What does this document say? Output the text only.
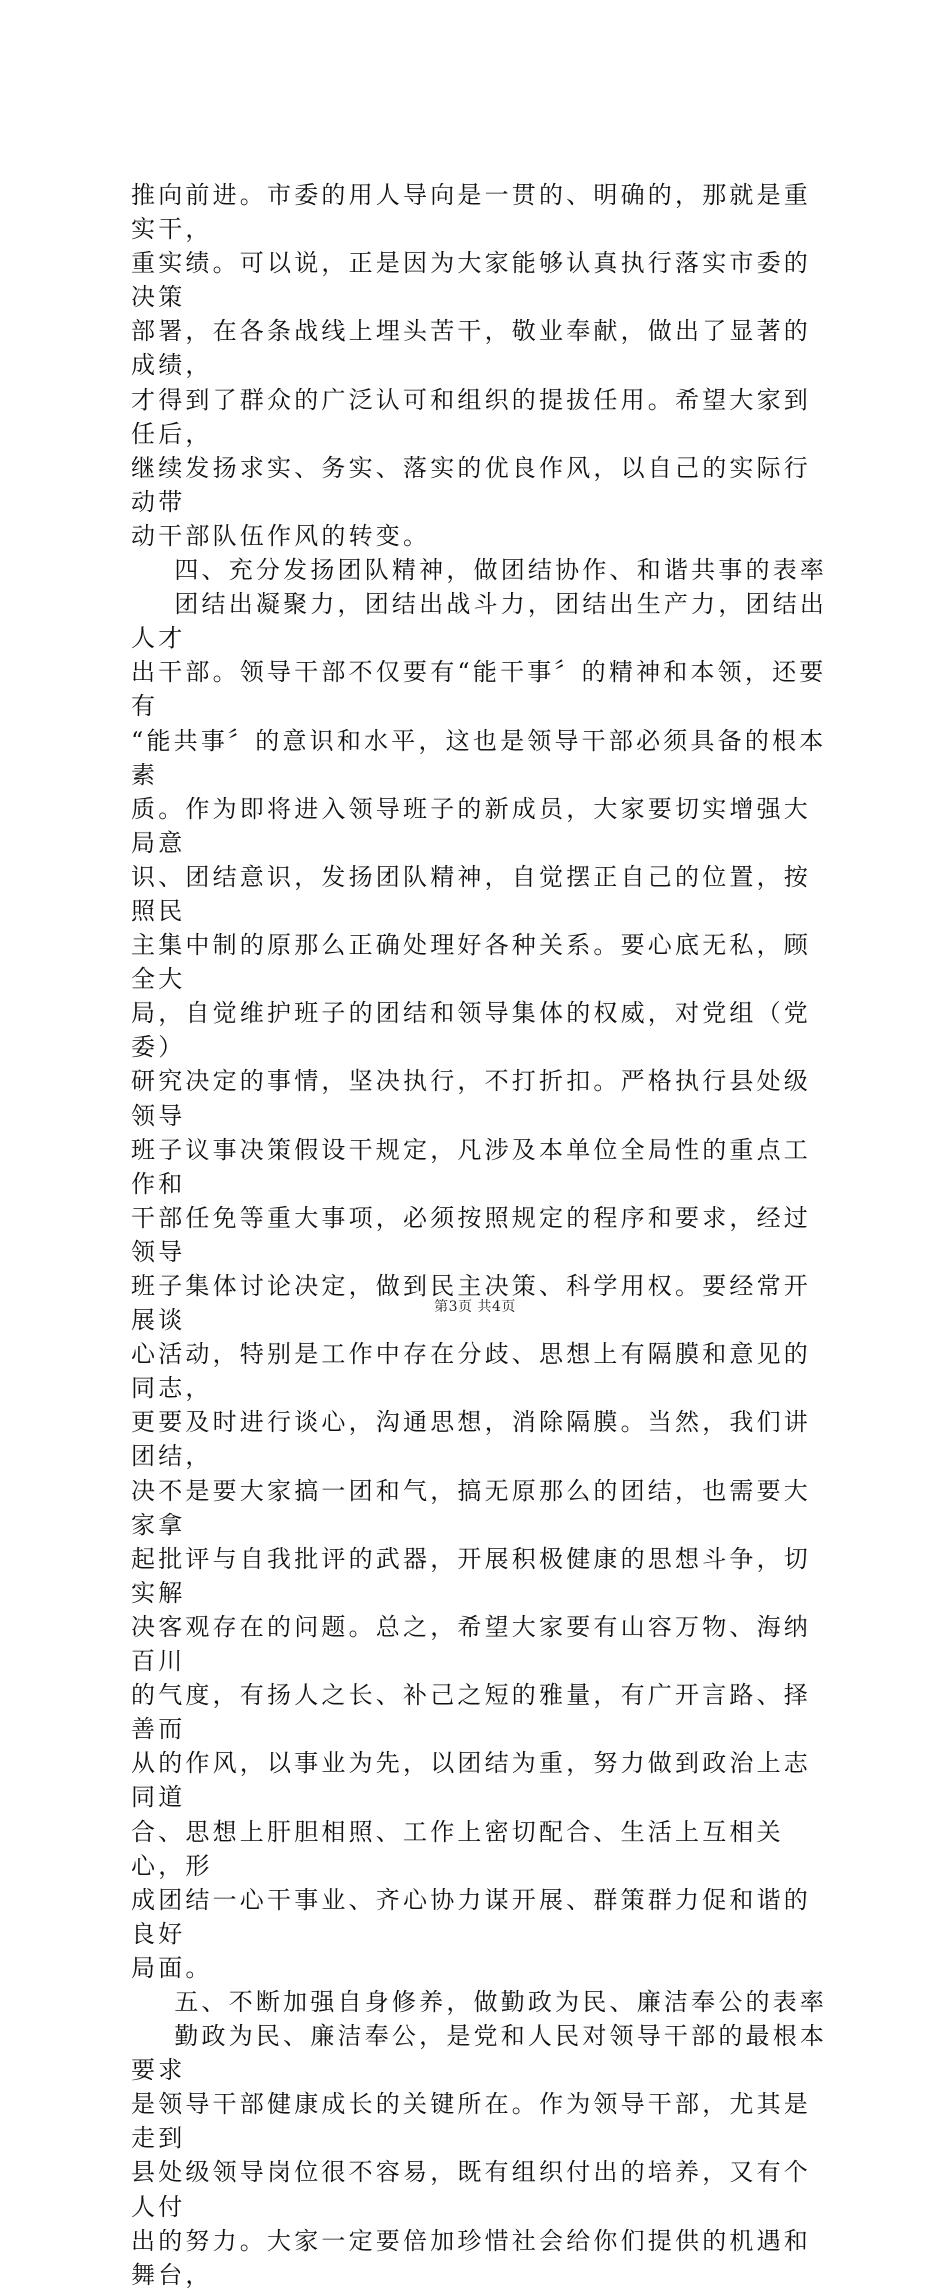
推向前进。市委的用人导向是一贯的、明确的，那就是重实干，

重实绩。可以说，正是因为大家能够认真执行落实市委的决策

部署，在各条战线上埋头苦干，敬业奉献，做出了显著的成绩，

才得到了群众的广泛认可和组织的提拔任用。希望大家到任后，

继续发扬求实、务实、落实的优良作风，以自己的实际行动带

动干部队伍作风的转变。

四、充分发扬团队精神，做团结协作、和谐共事的表率

团结出凝聚力，团结出战斗力，团结出生产力，团结出人才

出干部。领导干部不仅要有“能干事〞的精神和本领，还要有

“能共事〞的意识和水平，这也是领导干部必须具备的根本素

质。作为即将进入领导班子的新成员，大家要切实增强大局意

识、团结意识，发扬团队精神，自觉摆正自己的位置，按照民

主集中制的原那么正确处理好各种关系。要心底无私，顾全大

局，自觉维护班子的团结和领导集体的权威，对党组（党委）

研究决定的事情，坚决执行，不打折扣。严格执行县处级领导

班子议事决策假设干规定，凡涉及本单位全局性的重点工作和

干部任免等重大事项，必须按照规定的程序和要求，经过领导

班子集体讨论决定，做到民主决策、科学用权。要经常开展谈

心活动，特别是工作中存在分歧、思想上有隔膜和意见的同志，

更要及时进行谈心，沟通思想，消除隔膜。当然，我们讲团结，

决不是要大家搞一团和气，搞无原那么的团结，也需要大家拿

起批评与自我批评的武器，开展积极健康的思想斗争，切实解

决客观存在的问题。总之，希望大家要有山容万物、海纳百川

的气度，有扬人之长、补己之短的雅量，有广开言路、择善而

从的作风，以事业为先，以团结为重，努力做到政治上志同道

合、思想上肝胆相照、工作上密切配合、生活上互相关心，形

成团结一心干事业、齐心协力谋开展、群策群力促和谐的良好

局面。

五、不断加强自身修养，做勤政为民、廉洁奉公的表率

勤政为民、廉洁奉公，是党和人民对领导干部的最根本要求

是领导干部健康成长的关键所在。作为领导干部，尤其是走到

县处级领导岗位很不容易，既有组织付出的培养，又有个人付

出的努力。大家一定要倍加珍惜社会给你们提供的机遇和舞台，

第3页 共4页
